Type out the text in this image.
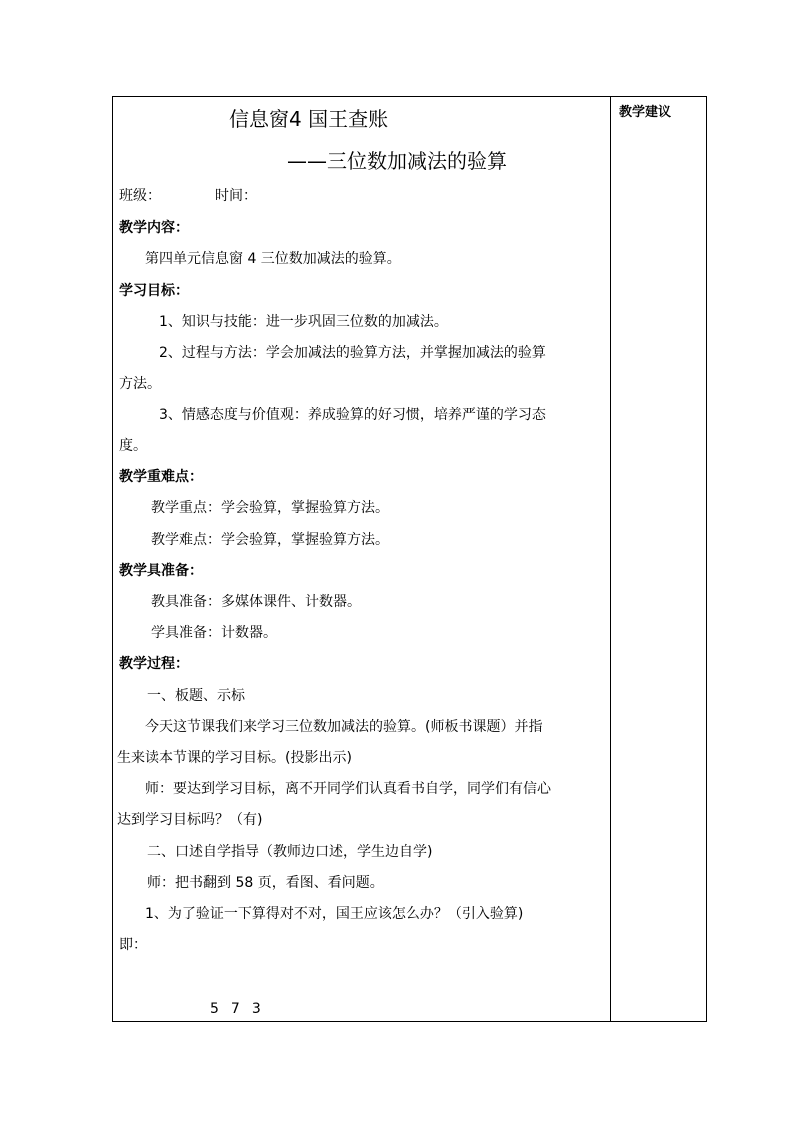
信息窗4 国王查账
——三位数加减法的验算
班级：	时间：
教学内容：
第四单元信息窗 4 三位数加减法的验算。
学习目标：
1、知识与技能：进一步巩固三位数的加减法。
2、过程与方法：学会加减法的验算方法，并掌握加减法的验算
方法。
3、情感态度与价值观：养成验算的好习惯，培养严谨的学习态
度。
教学重难点：
教学重点：学会验算，掌握验算方法。
教学难点：学会验算，掌握验算方法。
教学具准备：
教具准备：多媒体课件、计数器。
学具准备：计数器。
教学过程：
一、板题、示标
今天这节课我们来学习三位数加减法的验算。(师板书课题）并指
生来读本节课的学习目标。(投影出示)
师：要达到学习目标，离不开同学们认真看书自学，同学们有信心
达到学习目标吗？（有)
二、口述自学指导（教师边口述，学生边自学)
师：把书翻到 58 页，看图、看问题。
1、为了验证一下算得对不对，国王应该怎么办？（引入验算)
即：
573
教学建议
